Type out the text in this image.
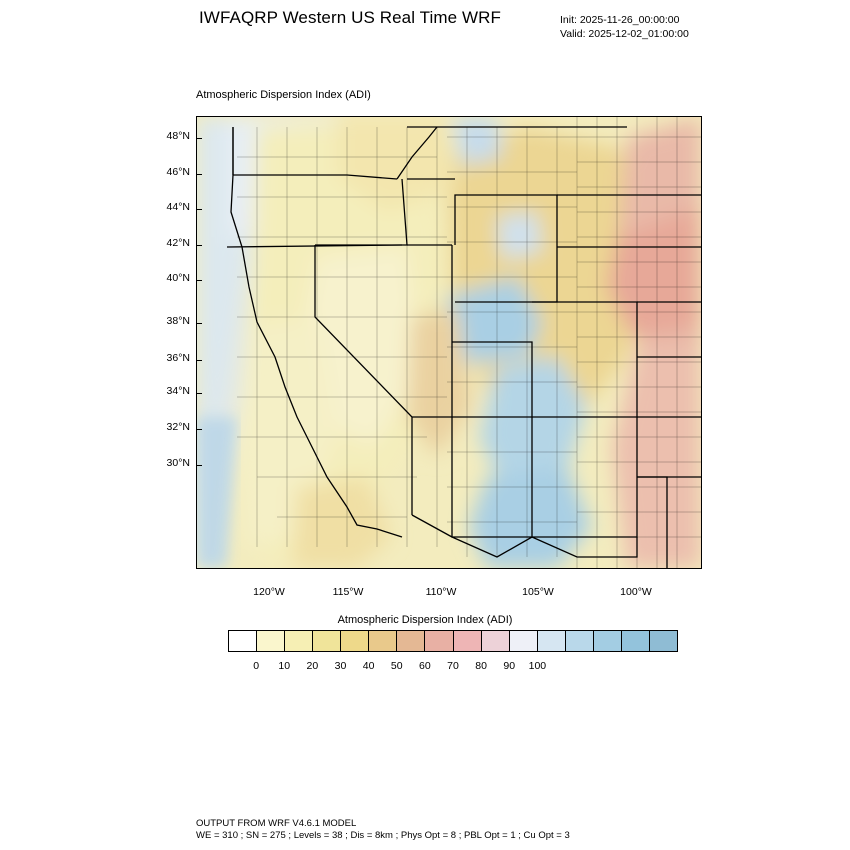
IWFAQRP Western US Real Time WRF	Init: 2025-11-26_00:00:00
Valid: 2025-12-02_01:00:00
Atmospheric Dispersion Index (ADI)
48°N
46°N
44°N
42°N
40°N
38°N
36°N
34°N
32°N
30°N
120°W	115°W	110°W	105°W	100°W
Atmospheric Dispersion Index (ADI)
0	10	20	30	40	50	60	70	80	90	100
OUTPUT FROM WRF V4.6.1 MODEL
WE = 310 ; SN = 275 ; Levels = 38 ; Dis = 8km ; Phys Opt = 8 ; PBL Opt = 1 ; Cu Opt = 3
